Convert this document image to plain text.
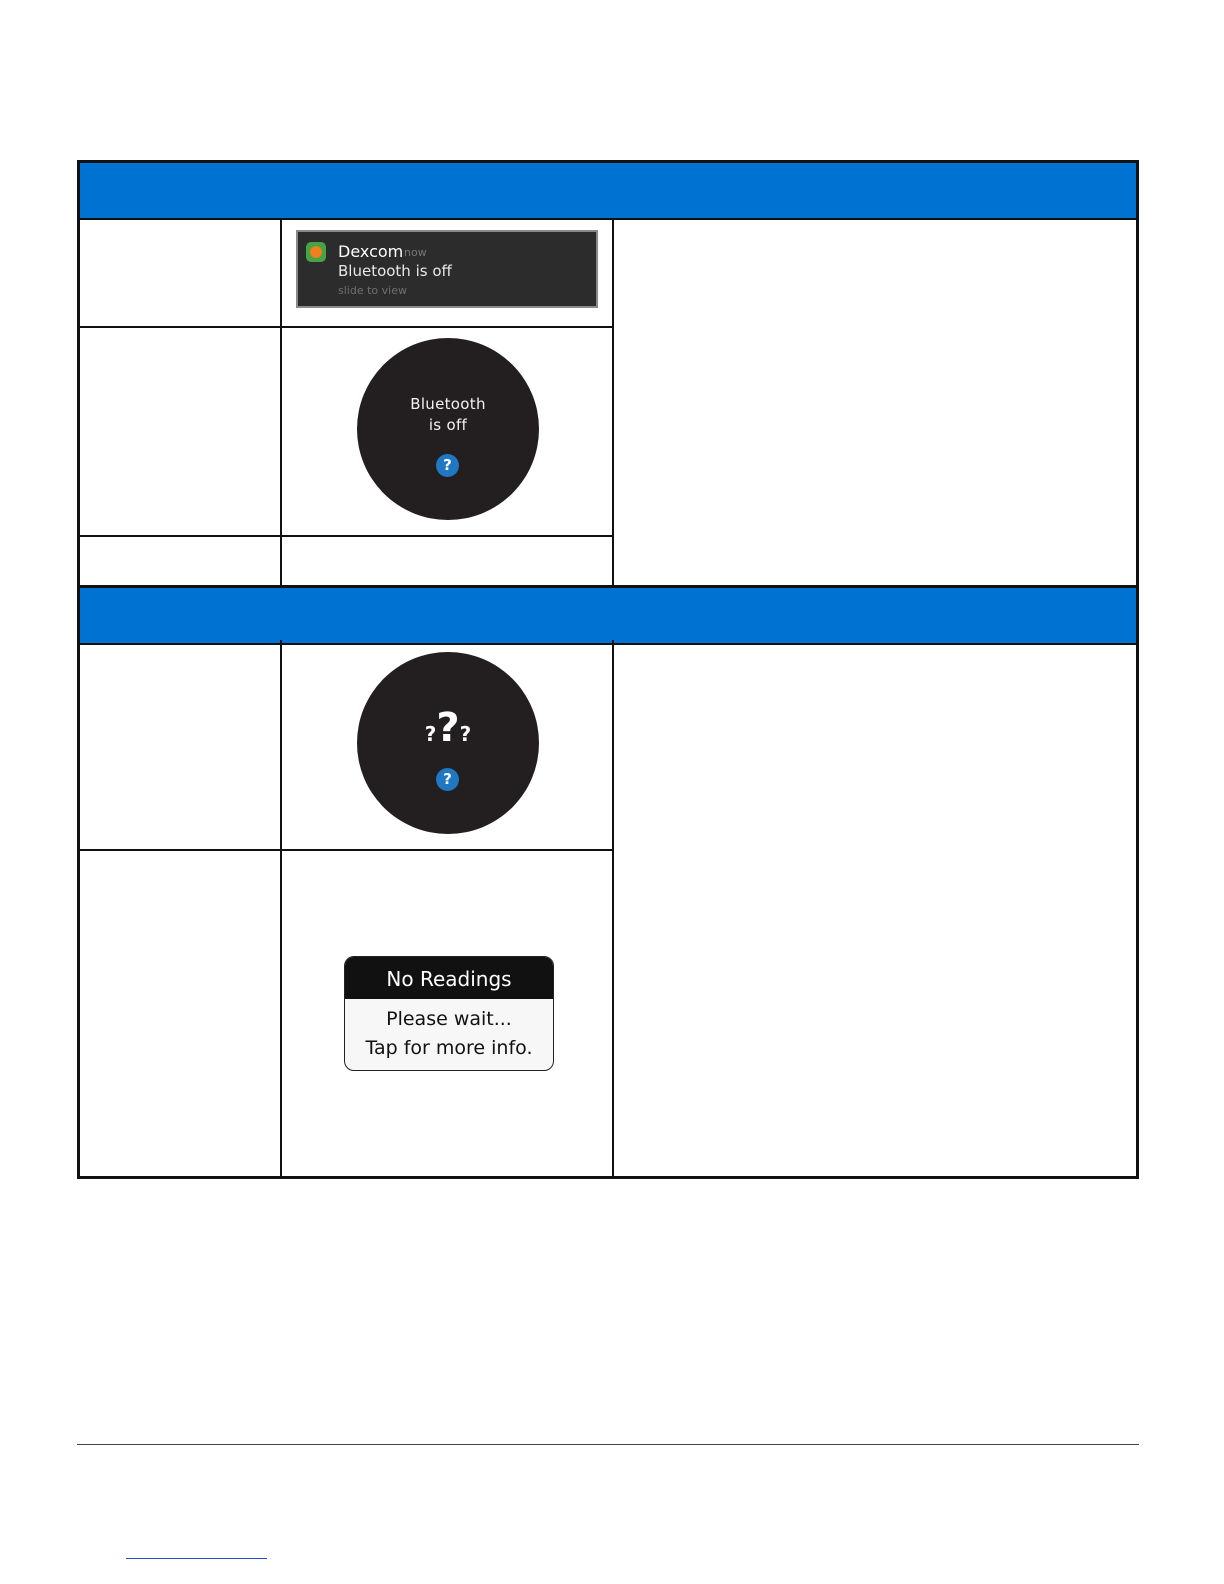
Dexcom now
Bluetooth is off
slide to view
Bluetooth
is off
?
???
?
No Readings
Please wait...
Tap for more info.
